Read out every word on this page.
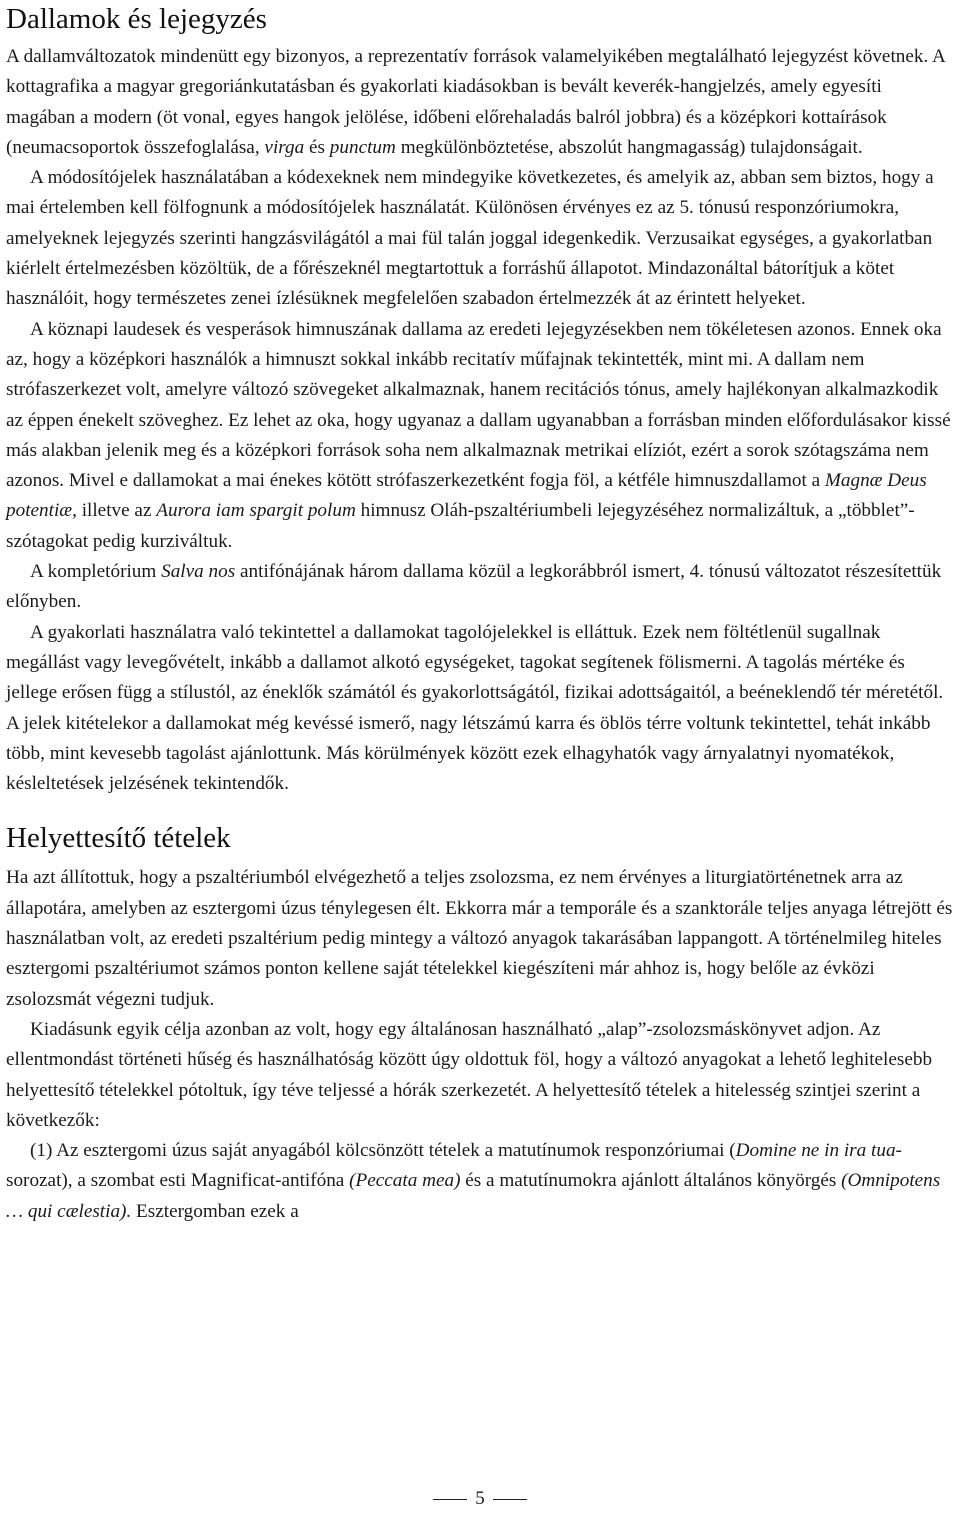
Dallamok és lejegyzés

A dallamváltozatok mindenütt egy bizonyos, a reprezentatív források valamelyikében megtalálható lejegyzést követnek. A kottagrafika a magyar gregoriánkutatásban és gyakorlati kiadásokban is bevált keverék-hangjelzés, amely egyesíti magában a modern (öt vonal, egyes hangok jelölése, időbeni előrehaladás balról jobbra) és a középkori kottaírások (neumacsoportok összefoglalása, virga és punctum megkülönböztetése, abszolút hangmagasság) tulajdonságait.

A módosítójelek használatában a kódexeknek nem mindegyike következetes, és amelyik az, abban sem biztos, hogy a mai értelemben kell fölfognunk a módosítójelek használatát. Különösen érvényes ez az 5. tónusú responzóriumokra, amelyeknek lejegyzés szerinti hangzásvilágától a mai fül talán joggal idegenkedik. Verzusaikat egységes, a gyakorlatban kiérlelt értelmezésben közöltük, de a főrészeknél megtartottuk a forráshű állapotot. Mindazonáltal bátorítjuk a kötet használóit, hogy természetes zenei ízlésüknek megfelelően szabadon értelmezzék át az érintett helyeket.

A köznapi laudesek és vesperások himnuszának dallama az eredeti lejegyzésekben nem tökéletesen azonos. Ennek oka az, hogy a középkori használók a himnuszt sokkal inkább recitatív műfajnak tekintették, mint mi. A dallam nem strófaszerkezet volt, amelyre változó szövegeket alkalmaznak, hanem recitációs tónus, amely hajlékonyan alkalmazkodik az éppen énekelt szöveghez. Ez lehet az oka, hogy ugyanaz a dallam ugyanabban a forrásban minden előfordulásakor kissé más alakban jelenik meg és a középkori források soha nem alkalmaznak metrikai elíziót, ezért a sorok szótagszáma nem azonos. Mivel e dallamokat a mai énekes kötött strófaszerkezetként fogja föl, a kétféle himnuszdallamot a Magnæ Deus potentiæ, illetve az Aurora iam spargit polum himnusz Oláh-pszaltériumbeli lejegyzéséhez normalizáltuk, a „többlet”-szótagokat pedig kurziváltuk.

A kompletórium Salva nos antifónájának három dallama közül a legkorábbról ismert, 4. tónusú változatot részesítettük előnyben.

A gyakorlati használatra való tekintettel a dallamokat tagolójelekkel is elláttuk. Ezek nem föltétlenül sugallnak megállást vagy levegővételt, inkább a dallamot alkotó egységeket, tagokat segítenek fölismerni. A tagolás mértéke és jellege erősen függ a stílustól, az éneklők számától és gyakorlottságától, fizikai adottságaitól, a beéneklendő tér méretétől. A jelek kitételekor a dallamokat még kevéssé ismerő, nagy létszámú karra és öblös térre voltunk tekintettel, tehát inkább több, mint kevesebb tagolást ajánlottunk. Más körülmények között ezek elhagyhatók vagy árnyalatnyi nyomatékok, késleltetések jelzésének tekintendők.

Helyettesítő tételek

Ha azt állítottuk, hogy a pszaltériumból elvégezhető a teljes zsolozsma, ez nem érvényes a liturgiatörténetnek arra az állapotára, amelyben az esztergomi úzus ténylegesen élt. Ekkorra már a temporále és a szanktorále teljes anyaga létrejött és használatban volt, az eredeti pszaltérium pedig mintegy a változó anyagok takarásában lappangott. A történelmileg hiteles esztergomi pszaltériumot számos ponton kellene saját tételekkel kiegészíteni már ahhoz is, hogy belőle az évközi zsolozsmát végezni tudjuk.

Kiadásunk egyik célja azonban az volt, hogy egy általánosan használható „alap”-zsolozsmáskönyvet adjon. Az ellentmondást történeti hűség és használhatóság között úgy oldottuk föl, hogy a változó anyagokat a lehető leghitelesebb helyettesítő tételekkel pótoltuk, így téve teljessé a hórák szerkezetét. A helyettesítő tételek a hitelesség szintjei szerint a következők:

(1) Az esztergomi úzus saját anyagából kölcsönzött tételek a matutínumok responzóriumai (Domine ne in ira tua-sorozat), a szombat esti Magnificat-antifóna (Peccata mea) és a matutínumokra ajánlott általános könyörgés (Omnipotens … qui cælestia). Esztergomban ezek a

5
